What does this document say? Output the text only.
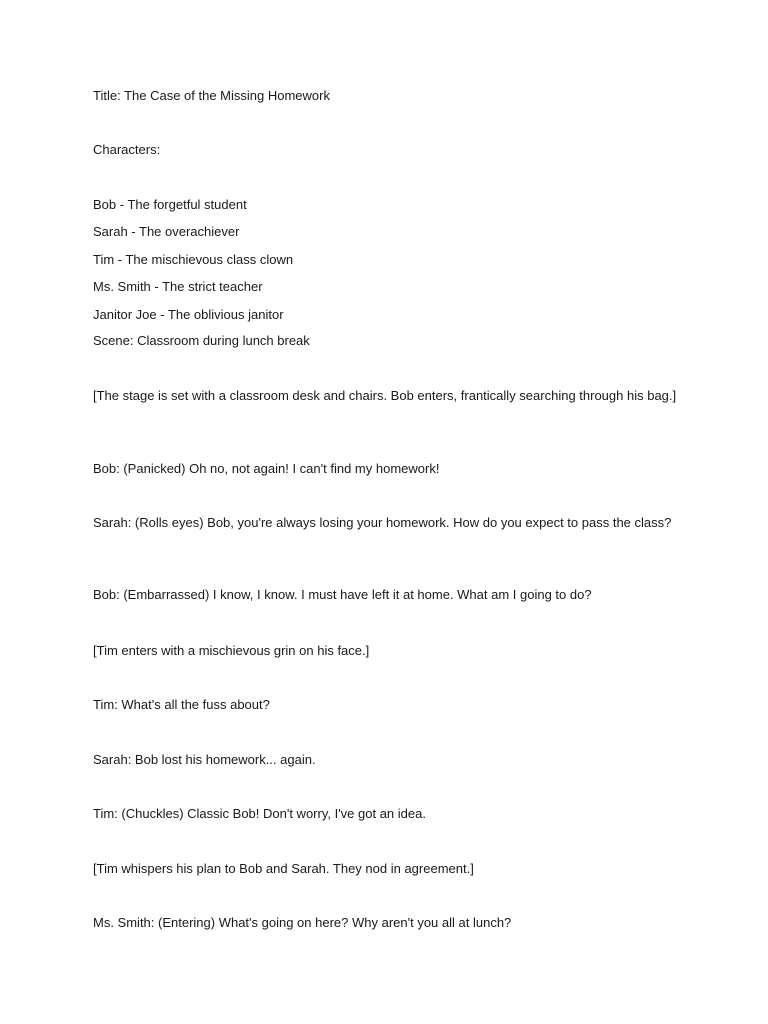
Title: The Case of the Missing Homework

Characters:

Bob - The forgetful student

Sarah - The overachiever

Tim - The mischievous class clown

Ms. Smith - The strict teacher

Janitor Joe - The oblivious janitor

Scene: Classroom during lunch break

[The stage is set with a classroom desk and chairs. Bob enters, frantically searching through his bag.]

Bob: (Panicked) Oh no, not again! I can't find my homework!

Sarah: (Rolls eyes) Bob, you're always losing your homework. How do you expect to pass the class?

Bob: (Embarrassed) I know, I know. I must have left it at home. What am I going to do?

[Tim enters with a mischievous grin on his face.]

Tim: What's all the fuss about?

Sarah: Bob lost his homework... again.

Tim: (Chuckles) Classic Bob! Don't worry, I've got an idea.

[Tim whispers his plan to Bob and Sarah. They nod in agreement.]

Ms. Smith: (Entering) What's going on here? Why aren't you all at lunch?
